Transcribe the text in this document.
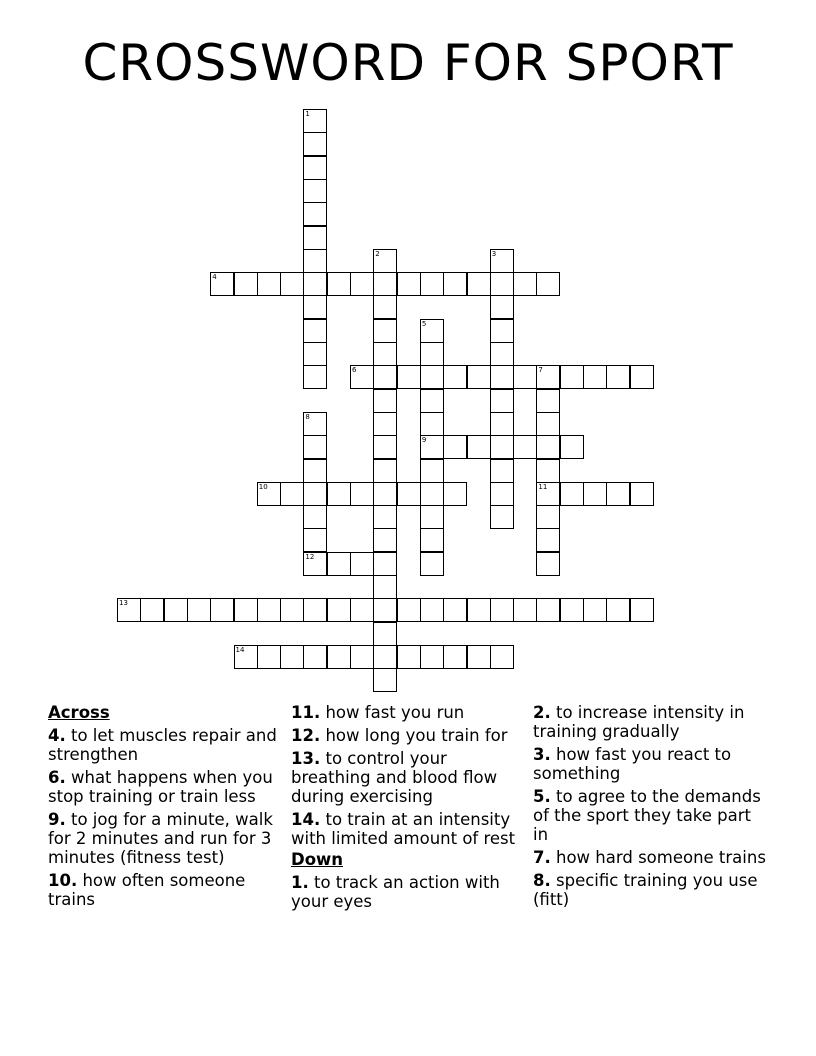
CROSSWORD FOR SPORT
1
2	3
4
5
9
6	7
11
8
12
10
13
14
Across
4. to let muscles repair and strengthen
6. what happens when you stop training or train less
9. to jog for a minute, walk for 2 minutes and run for 3 minutes (fitness test)
10. how often someone trains
11. how fast you run
12. how long you train for
13. to control your breathing and blood flow during exercising
14. to train at an intensity with limited amount of rest
Down
1. to track an action with your eyes
2. to increase intensity in training gradually
3. how fast you react to something
5. to agree to the demands of the sport they take part in
7. how hard someone trains
8. specific training you use (fitt)
